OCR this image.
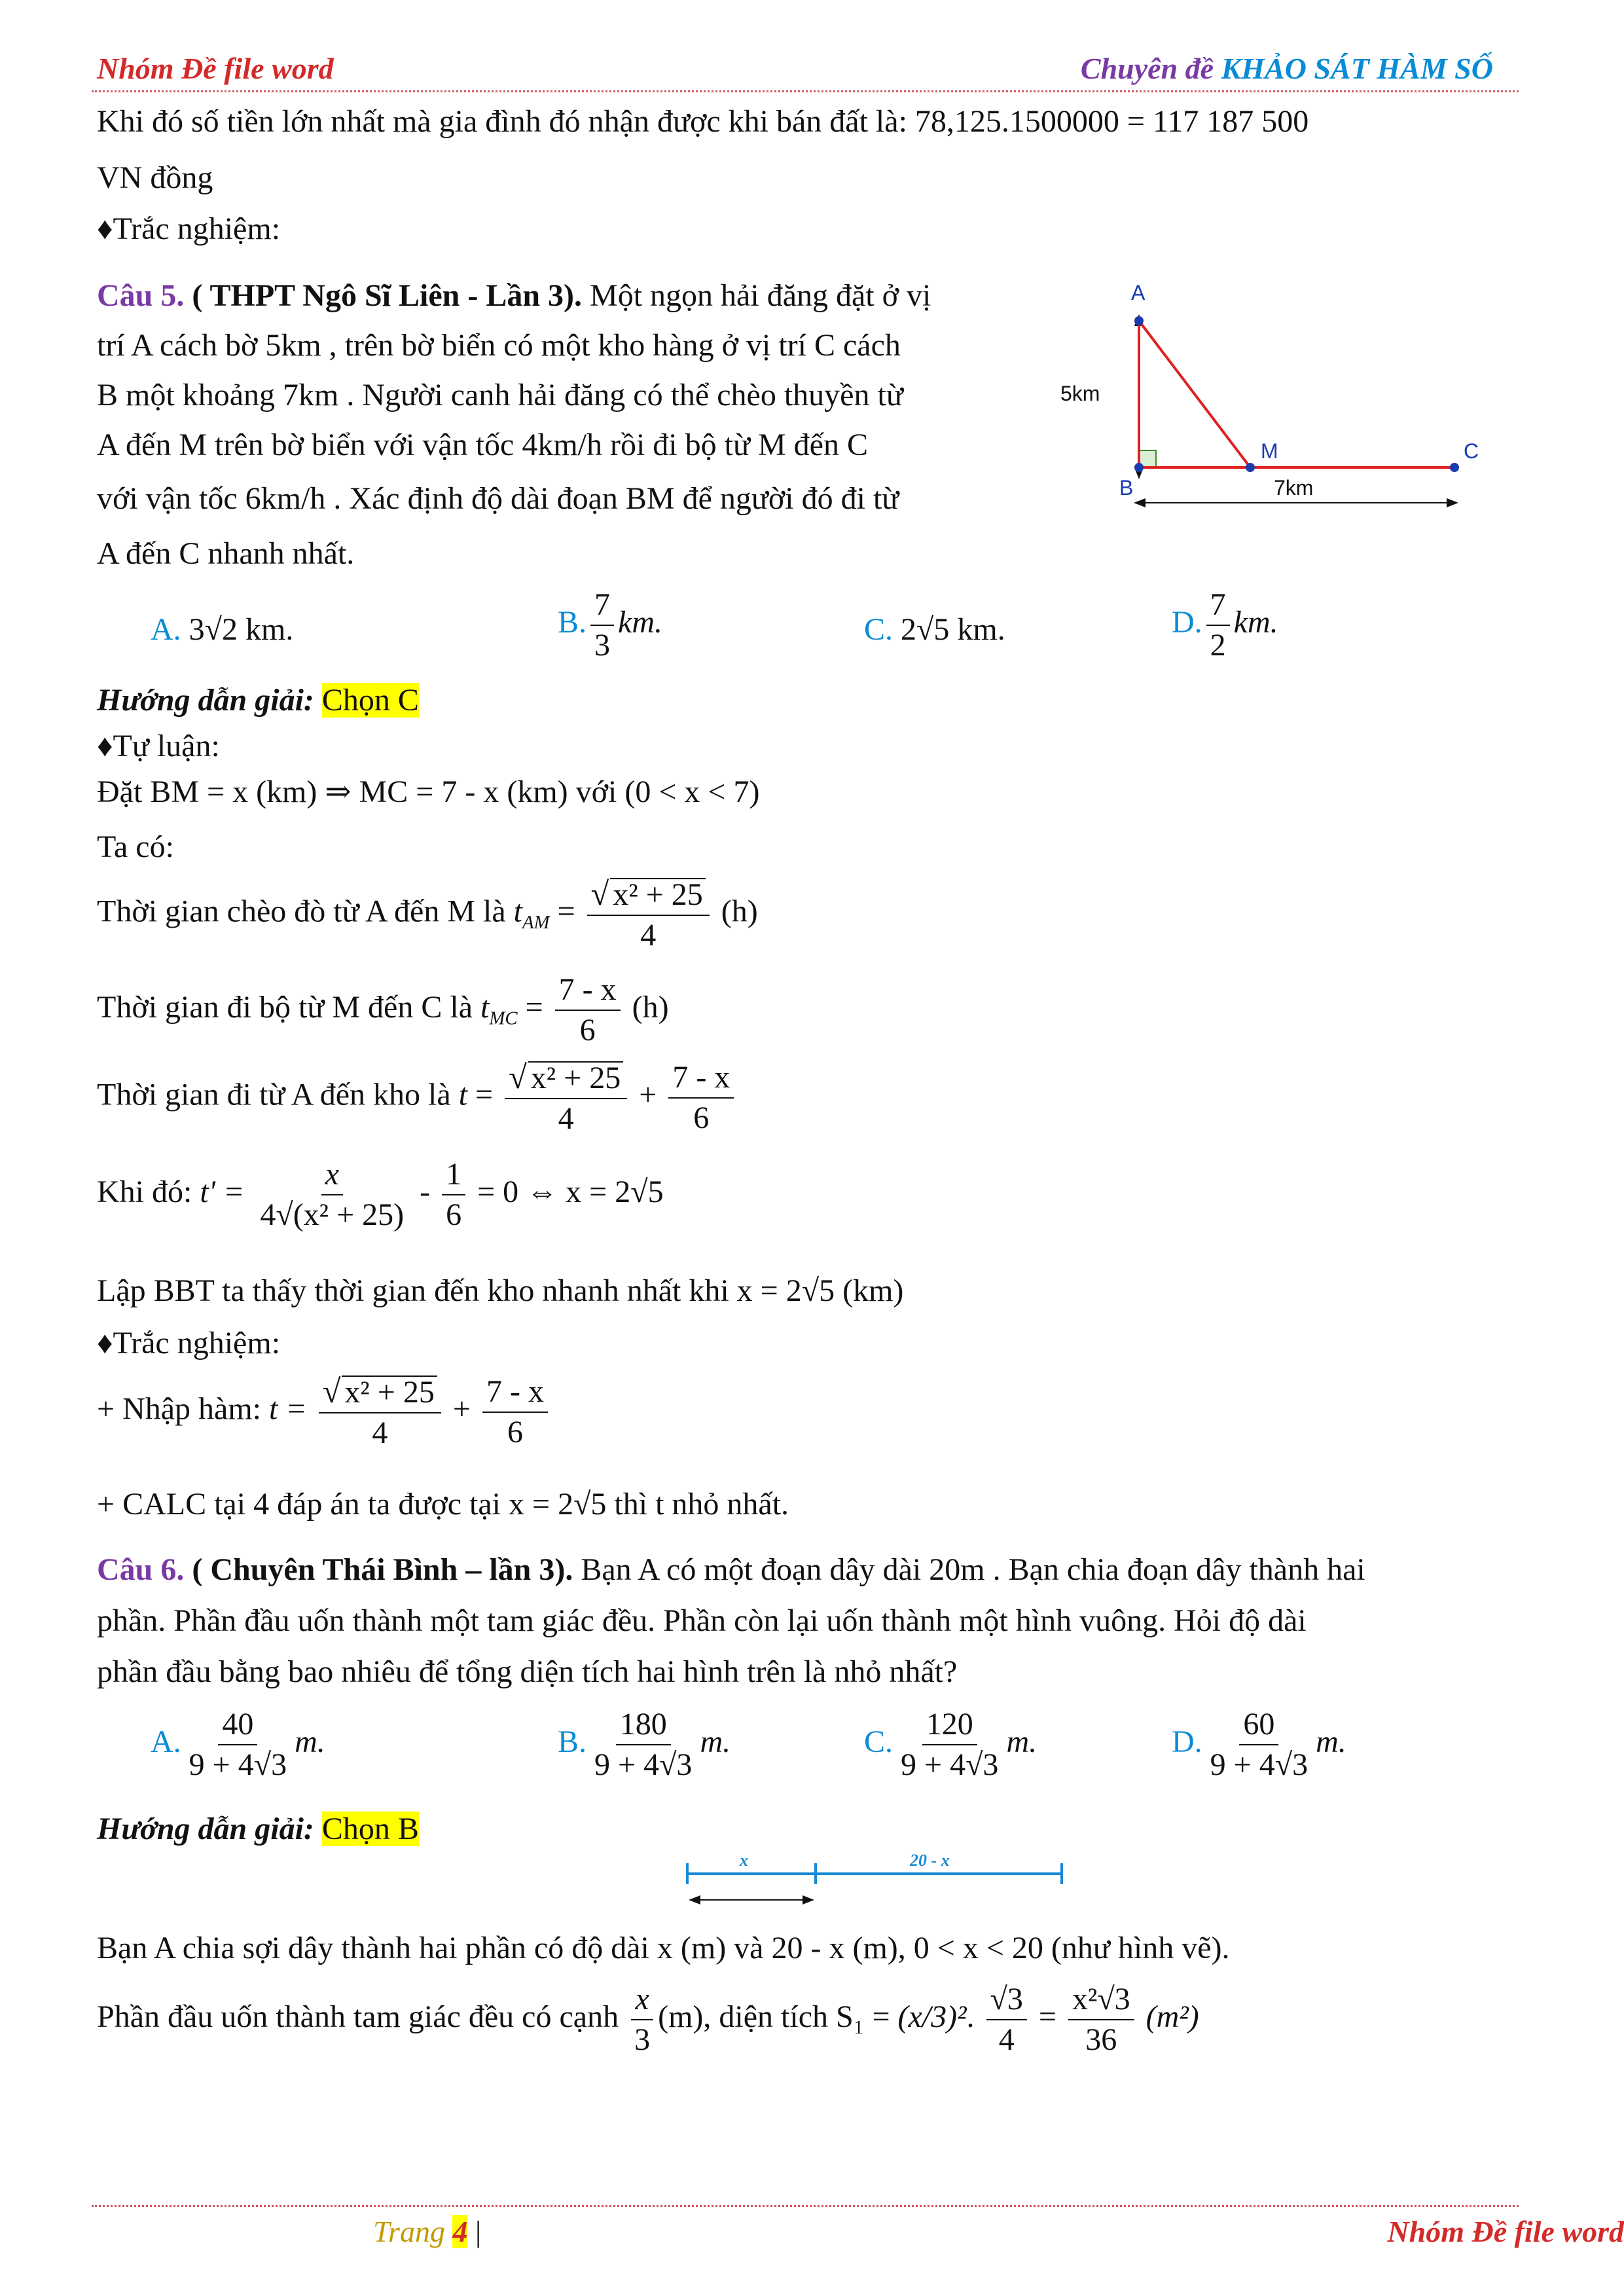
Nhóm Đề file word	Chuyên đề KHẢO SÁT HÀM SỐ
Khi đó số tiền lớn nhất mà gia đình đó nhận được khi bán đất là: 78,125.1500000 = 117 187 500
VN đồng
♦Trắc nghiệm:
Câu 5. ( THPT Ngô Sĩ Liên - Lần 3). Một ngọn hải đăng đặt ở vị
trí A cách bờ 5km , trên bờ biển có một kho hàng ở vị trí C cách
B một khoảng 7km . Người canh hải đăng có thể chèo thuyền từ
A đến M trên bờ biển với vận tốc 4km/h rồi đi bộ từ M đến C
với vận tốc 6km/h . Xác định độ dài đoạn BM để người đó đi từ
A đến C nhanh nhất.
A
B
M	C
5km
7km
A. 3√2 km.	B. $\frac{7}{3}$ km.	C. 2√5 km.	D. $\frac{7}{2}$ km.
Hướng dẫn giải: Chọn C
♦Tự luận:
Đặt BM = x (km) ⇒ MC = 7 - x (km) với (0 < x < 7)
Ta có:
Thời gian chèo đò từ A đến M là $t_{AM} = \frac{\text{√ x² + 25}}{4} (h)$
Thời gian đi bộ từ M đến C là $t_{MC} = \frac{7 - x}{6} (h)$
Thời gian đi từ A đến kho là $t = \frac{\text{√ x² + 25}}{4} + \frac{7 - x}{6}$
Khi đó: $t' = \frac{x}{\text{4√(x² + 25)}} - \frac{1}{6} = 0$ ⇔ x = 2√5
Lập BBT ta thấy thời gian đến kho nhanh nhất khi x = 2√5 (km)
♦Trắc nghiệm:
+ Nhập hàm: $t = \frac{\text{√ x² + 25}}{4} + \frac{7 - x}{6}$
+ CALC tại 4 đáp án ta được tại x = 2√5 thì t nhỏ nhất.
Câu 6. ( Chuyên Thái Bình – lần 3). Bạn A có một đoạn dây dài 20m . Bạn chia đoạn dây thành hai
phần. Phần đầu uốn thành một tam giác đều. Phần còn lại uốn thành một hình vuông. Hỏi độ dài
phần đầu bằng bao nhiêu để tổng diện tích hai hình trên là nhỏ nhất?
A. $\frac{40}{9 + 4√3} m$.	B. $\frac{180}{9 + 4√3} m$.	C. $\frac{120}{9 + 4√3} m$.	D. $\frac{60}{9 + 4√3} m$.
Hướng dẫn giải: Chọn B
x	20 - x
Bạn A chia sợi dây thành hai phần có độ dài x (m) và 20 - x (m), 0 < x < 20 (như hình vẽ).
Phần đầu uốn thành tam giác đều có cạnh $\frac{x}{3} (m)$, diện tích S₁ = (x/3)². $\frac{√3}{4} = \frac{\text{x²√3}}{36} (m^2)$
Trang 4 |	Nhóm Đề file word
